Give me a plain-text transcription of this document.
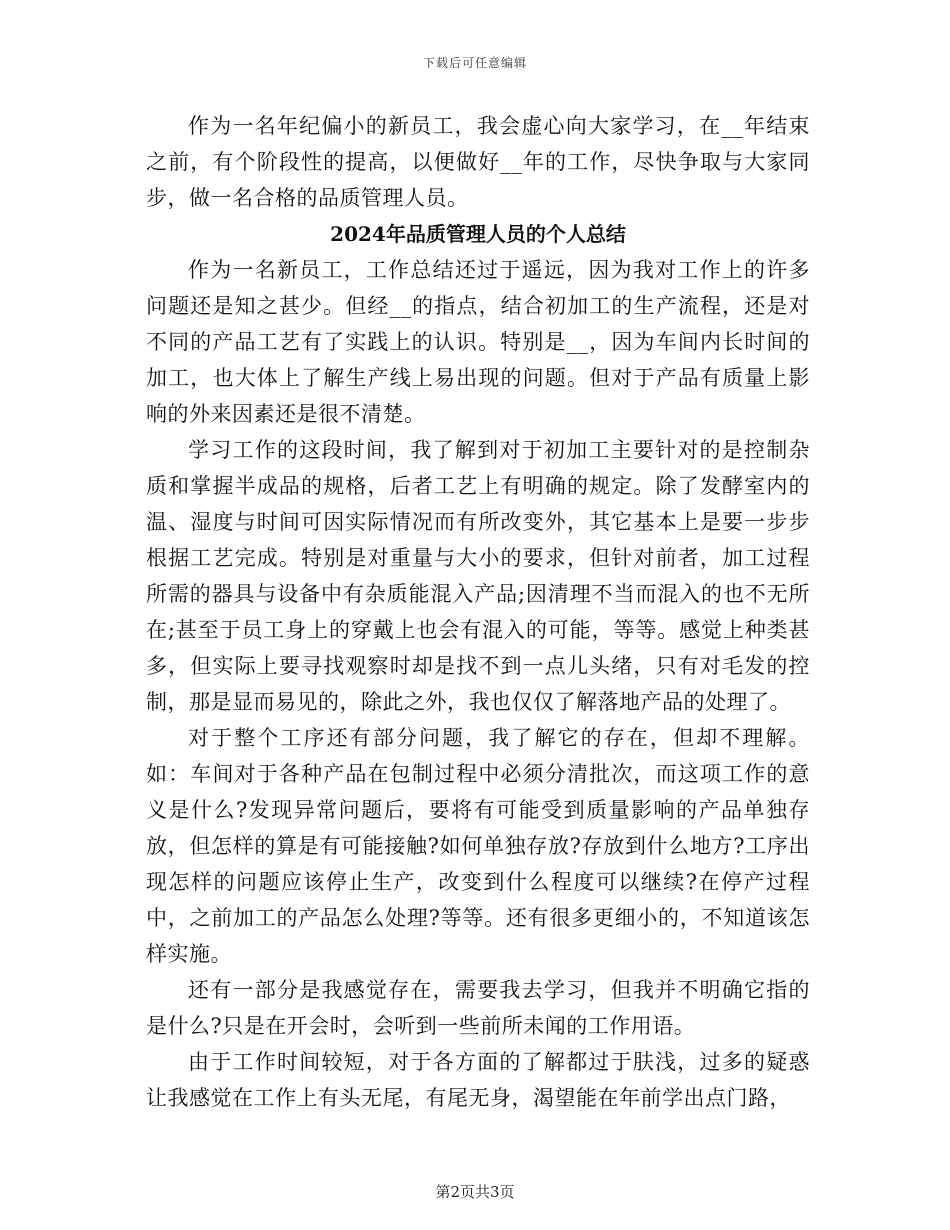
下载后可任意编辑

作为一名年纪偏小的新员工，我会虚心向大家学习，在__年结束之前，有个阶段性的提高，以便做好__年的工作，尽快争取与大家同步，做一名合格的品质管理人员。

2024年品质管理人员的个人总结

作为一名新员工，工作总结还过于遥远，因为我对工作上的许多问题还是知之甚少。但经__的指点，结合初加工的生产流程，还是对不同的产品工艺有了实践上的认识。特别是__，因为车间内长时间的加工，也大体上了解生产线上易出现的问题。但对于产品有质量上影响的外来因素还是很不清楚。

学习工作的这段时间，我了解到对于初加工主要针对的是控制杂质和掌握半成品的规格，后者工艺上有明确的规定。除了发酵室内的温、湿度与时间可因实际情况而有所改变外，其它基本上是要一步步根据工艺完成。特别是对重量与大小的要求，但针对前者，加工过程所需的器具与设备中有杂质能混入产品;因清理不当而混入的也不无所在;甚至于员工身上的穿戴上也会有混入的可能，等等。感觉上种类甚多，但实际上要寻找观察时却是找不到一点儿头绪，只有对毛发的控制，那是显而易见的，除此之外，我也仅仅了解落地产品的处理了。

对于整个工序还有部分问题，我了解它的存在，但却不理解。如：车间对于各种产品在包制过程中必须分清批次，而这项工作的意义是什么?发现异常问题后，要将有可能受到质量影响的产品单独存放，但怎样的算是有可能接触?如何单独存放?存放到什么地方?工序出现怎样的问题应该停止生产，改变到什么程度可以继续?在停产过程中，之前加工的产品怎么处理?等等。还有很多更细小的，不知道该怎样实施。

还有一部分是我感觉存在，需要我去学习，但我并不明确它指的是什么?只是在开会时，会听到一些前所未闻的工作用语。

由于工作时间较短，对于各方面的了解都过于肤浅，过多的疑惑让我感觉在工作上有头无尾，有尾无身，渴望能在年前学出点门路，

第2页共3页
